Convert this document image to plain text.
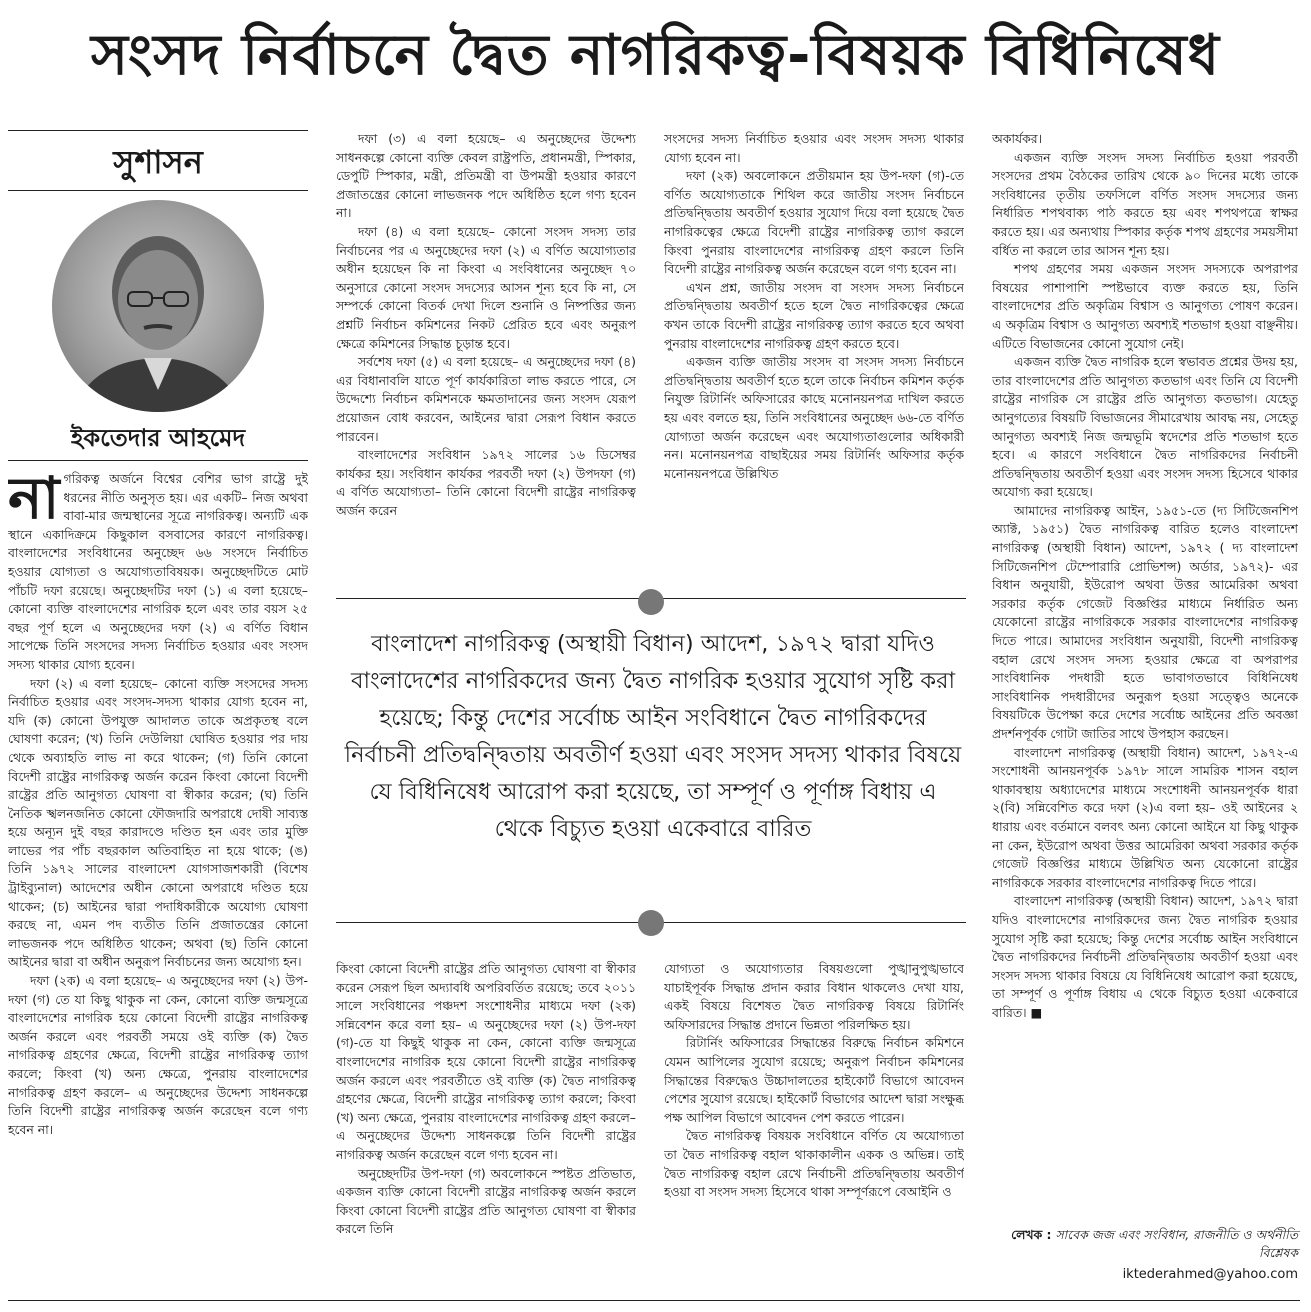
সংসদ নির্বাচনে দ্বৈত নাগরিকত্ব-বিষয়ক বিধিনিষেধ
সুশাসন
ইকতেদার আহমেদ

নাগরিকত্ব অর্জনে বিশ্বের বেশির ভাগ রাষ্ট্রে দুই ধরনের নীতি অনুসৃত হয়। এর একটি– নিজ অথবা বাবা-মার জন্মস্থানের সূত্রে নাগরিকত্ব। অন্যটি এক স্থানে একাদিক্রমে কিছুকাল বসবাসের কারণে নাগরিকত্ব। বাংলাদেশের সংবিধানের অনুচ্ছেদ ৬৬ সংসদে নির্বাচিত হওয়ার যোগ্যতা ও অযোগ্যতাবিষয়ক। অনুচ্ছেদটিতে মোট পাঁচটি দফা রয়েছে। অনুচ্ছেদটির দফা (১) এ বলা হয়েছে– কোনো ব্যক্তি বাংলাদেশের নাগরিক হলে এবং তার বয়স ২৫ বছর পূর্ণ হলে এ অনুচ্ছেদের দফা (২) এ বর্ণিত বিধান সাপেক্ষে তিনি সংসদের সদস্য নির্বাচিত হওয়ার এবং সংসদ সদস্য থাকার যোগ্য হবেন।

দফা (২) এ বলা হয়েছে– কোনো ব্যক্তি সংসদের সদস্য নির্বাচিত হওয়ার এবং সংসদ-সদস্য থাকার যোগ্য হবেন না, যদি (ক) কোনো উপযুক্ত আদালত তাকে অপ্রকৃতস্থ বলে ঘোষণা করেন; (খ) তিনি দেউলিয়া ঘোষিত হওয়ার পর দায় থেকে অব্যাহতি লাভ না করে থাকেন; (গ) তিনি কোনো বিদেশী রাষ্ট্রের নাগরিকত্ব অর্জন করেন কিংবা কোনো বিদেশী রাষ্ট্রের প্রতি আনুগত্য ঘোষণা বা স্বীকার করেন; (ঘ) তিনি নৈতিক স্খলনজনিত কোনো ফৌজদারি অপরাধে দোষী সাব্যস্ত হয়ে অন্যূন দুই বছর কারাদণ্ডে দণ্ডিত হন এবং তার মুক্তি লাভের পর পাঁচ বছরকাল অতিবাহিত না হয়ে থাকে; (ঙ) তিনি ১৯৭২ সালের বাংলাদেশ যোগসাজশকারী (বিশেষ ট্রাইব্যুনাল) আদেশের অধীন কোনো অপরাধে দণ্ডিত হয়ে থাকেন; (চ) আইনের দ্বারা পদাধিকারীকে অযোগ্য ঘোষণা করছে না, এমন পদ ব্যতীত তিনি প্রজাতন্ত্রের কোনো লাভজনক পদে অধিষ্ঠিত থাকেন; অথবা (ছ) তিনি কোনো আইনের দ্বারা বা অধীন অনুরূপ নির্বাচনের জন্য অযোগ্য হন।

দফা (২ক) এ বলা হয়েছে– এ অনুচ্ছেদের দফা (২) উপ-দফা (গ) তে যা কিছু থাকুক না কেন, কোনো ব্যক্তি জন্মসূত্রে বাংলাদেশের নাগরিক হয়ে কোনো বিদেশী রাষ্ট্রের নাগরিকত্ব অর্জন করলে এবং পরবর্তী সময়ে ওই ব্যক্তি (ক) দ্বৈত নাগরিকত্ব গ্রহণের ক্ষেত্রে, বিদেশী রাষ্ট্রের নাগরিকত্ব ত্যাগ করলে; কিংবা (খ) অন্য ক্ষেত্রে, পুনরায় বাংলাদেশের নাগরিকত্ব গ্রহণ করলে– এ অনুচ্ছেদের উদ্দেশ্য সাধনকল্পে তিনি বিদেশী রাষ্ট্রের নাগরিকত্ব অর্জন করেছেন বলে গণ্য হবেন না।

দফা (৩) এ বলা হয়েছে– এ অনুচ্ছেদের উদ্দেশ্য সাধনকল্পে কোনো ব্যক্তি কেবল রাষ্ট্রপতি, প্রধানমন্ত্রী, স্পিকার, ডেপুটি স্পিকার, মন্ত্রী, প্রতিমন্ত্রী বা উপমন্ত্রী হওয়ার কারণে প্রজাতন্ত্রের কোনো লাভজনক পদে অধিষ্ঠিত হলে গণ্য হবেন না।

দফা (৪) এ বলা হয়েছে– কোনো সংসদ সদস্য তার নির্বাচনের পর এ অনুচ্ছেদের দফা (২) এ বর্ণিত অযোগ্যতার অধীন হয়েছেন কি না কিংবা এ সংবিধানের অনুচ্ছেদ ৭০ অনুসারে কোনো সংসদ সদস্যের আসন শূন্য হবে কি না, সে সম্পর্কে কোনো বিতর্ক দেখা দিলে শুনানি ও নিষ্পত্তির জন্য প্রশ্নটি নির্বাচন কমিশনের নিকট প্রেরিত হবে এবং অনুরূপ ক্ষেত্রে কমিশনের সিদ্ধান্ত চূড়ান্ত হবে।

সর্বশেষ দফা (৫) এ বলা হয়েছে– এ অনুচ্ছেদের দফা (৪) এর বিধানাবলি যাতে পূর্ণ কার্যকারিতা লাভ করতে পারে, সে উদ্দেশ্যে নির্বাচন কমিশনকে ক্ষমতাদানের জন্য সংসদ যেরূপ প্রয়োজন বোধ করবেন, আইনের দ্বারা সেরূপ বিধান করতে পারবেন।

বাংলাদেশের সংবিধান ১৯৭২ সালের ১৬ ডিসেম্বর কার্যকর হয়। সংবিধান কার্যকর পরবর্তী দফা (২) উপদফা (গ) এ বর্ণিত অযোগ্যতা– তিনি কোনো বিদেশী রাষ্ট্রের নাগরিকত্ব অর্জন করেন

সংসদের সদস্য নির্বাচিত হওয়ার এবং সংসদ সদস্য থাকার যোগ্য হবেন না।

দফা (২ক) অবলোকনে প্রতীয়মান হয় উপ-দফা (গ)-তে বর্ণিত অযোগ্যতাকে শিথিল করে জাতীয় সংসদ নির্বাচনে প্রতিদ্বন্দ্বিতায় অবতীর্ণ হওয়ার সুযোগ দিয়ে বলা হয়েছে দ্বৈত নাগরিকত্বের ক্ষেত্রে বিদেশী রাষ্ট্রের নাগরিকত্ব ত্যাগ করলে কিংবা পুনরায় বাংলাদেশের নাগরিকত্ব গ্রহণ করলে তিনি বিদেশী রাষ্ট্রের নাগরিকত্ব অর্জন করেছেন বলে গণ্য হবেন না।

এখন প্রশ্ন, জাতীয় সংসদ বা সংসদ সদস্য নির্বাচনে প্রতিদ্বন্দ্বিতায় অবতীর্ণ হতে হলে দ্বৈত নাগরিকত্বের ক্ষেত্রে কখন তাকে বিদেশী রাষ্ট্রের নাগরিকত্ব ত্যাগ করতে হবে অথবা পুনরায় বাংলাদেশের নাগরিকত্ব গ্রহণ করতে হবে।

একজন ব্যক্তি জাতীয় সংসদ বা সংসদ সদস্য নির্বাচনে প্রতিদ্বন্দ্বিতায় অবতীর্ণ হতে হলে তাকে নির্বাচন কমিশন কর্তৃক নিযুক্ত রিটার্নিং অফিসারের কাছে মনোনয়নপত্র দাখিল করতে হয় এবং বলতে হয়, তিনি সংবিধানের অনুচ্ছেদ ৬৬-তে বর্ণিত যোগ্যতা অর্জন করেছেন এবং অযোগ্যতাগুলোর অধিকারী নন। মনোনয়নপত্র বাছাইয়ের সময় রিটার্নিং অফিসার কর্তৃক মনোনয়নপত্রে উল্লিখিত

বাংলাদেশ নাগরিকত্ব (অস্থায়ী বিধান) আদেশ, ১৯৭২ দ্বারা যদিও বাংলাদেশের নাগরিকদের জন্য দ্বৈত নাগরিক হওয়ার সুযোগ সৃষ্টি করা হয়েছে; কিন্তু দেশের সর্বোচ্চ আইন সংবিধানে দ্বৈত নাগরিকদের নির্বাচনী প্রতিদ্বন্দ্বিতায় অবতীর্ণ হওয়া এবং সংসদ সদস্য থাকার বিষয়ে যে বিধিনিষেধ আরোপ করা হয়েছে, তা সম্পূর্ণ ও পূর্ণাঙ্গ বিধায় এ থেকে বিচ্যুত হওয়া একেবারে বারিত

কিংবা কোনো বিদেশী রাষ্ট্রের প্রতি আনুগত্য ঘোষণা বা স্বীকার করেন সেরূপ ছিল অদ্যাবধি অপরিবর্তিত রয়েছে; তবে ২০১১ সালে সংবিধানের পঞ্চদশ সংশোধনীর মাধ্যমে দফা (২ক) সন্নিবেশন করে বলা হয়– এ অনুচ্ছেদের দফা (২) উপ-দফা (গ)-তে যা কিছুই থাকুক না কেন, কোনো ব্যক্তি জন্মসূত্রে বাংলাদেশের নাগরিক হয়ে কোনো বিদেশী রাষ্ট্রের নাগরিকত্ব অর্জন করলে এবং পরবর্তীতে ওই ব্যক্তি (ক) দ্বৈত নাগরিকত্ব গ্রহণের ক্ষেত্রে, বিদেশী রাষ্ট্রের নাগরিকত্ব ত্যাগ করলে; কিংবা (খ) অন্য ক্ষেত্রে, পুনরায় বাংলাদেশের নাগরিকত্ব গ্রহণ করলে– এ অনুচ্ছেদের উদ্দেশ্য সাধনকল্পে তিনি বিদেশী রাষ্ট্রের নাগরিকত্ব অর্জন করেছেন বলে গণ্য হবেন না।

অনুচ্ছেদটির উপ-দফা (গ) অবলোকনে স্পষ্টত প্রতিভাত, একজন ব্যক্তি কোনো বিদেশী রাষ্ট্রের নাগরিকত্ব অর্জন করলে কিংবা কোনো বিদেশী রাষ্ট্রের প্রতি আনুগত্য ঘোষণা বা স্বীকার করলে তিনি

যোগ্যতা ও অযোগ্যতার বিষয়গুলো পুঙ্খানুপুঙ্খভাবে যাচাইপূর্বক সিদ্ধান্ত প্রদান করার বিধান থাকলেও দেখা যায়, একই বিষয়ে বিশেষত দ্বৈত নাগরিকত্ব বিষয়ে রিটার্নিং অফিসারদের সিদ্ধান্ত প্রদানে ভিন্নতা পরিলক্ষিত হয়।

রিটার্নিং অফিসারের সিদ্ধান্তের বিরুদ্ধে নির্বাচন কমিশনে যেমন আপিলের সুযোগ রয়েছে; অনুরূপ নির্বাচন কমিশনের সিদ্ধান্তের বিরুদ্ধেও উচ্চাদালতের হাইকোর্ট বিভাগে আবেদন পেশের সুযোগ রয়েছে। হাইকোর্ট বিভাগের আদেশ দ্বারা সংক্ষুব্ধ পক্ষ আপিল বিভাগে আবেদন পেশ করতে পারেন।

দ্বৈত নাগরিকত্ব বিষয়ক সংবিধানে বর্ণিত যে অযোগ্যতা তা দ্বৈত নাগরিকত্ব বহাল থাকাকালীন একক ও অভিন্ন। তাই দ্বৈত নাগরিকত্ব বহাল রেখে নির্বাচনী প্রতিদ্বন্দ্বিতায় অবতীর্ণ হওয়া বা সংসদ সদস্য হিসেবে থাকা সম্পূর্ণরূপে বেআইনি ও

অকার্যকর।

একজন ব্যক্তি সংসদ সদস্য নির্বাচিত হওয়া পরবর্তী সংসদের প্রথম বৈঠকের তারিখ থেকে ৯০ দিনের মধ্যে তাকে সংবিধানের তৃতীয় তফসিলে বর্ণিত সংসদ সদস্যের জন্য নির্ধারিত শপথবাক্য পাঠ করতে হয় এবং শপথপত্রে স্বাক্ষর করতে হয়। এর অন্যথায় স্পিকার কর্তৃক শপথ গ্রহণের সময়সীমা বর্ধিত না করলে তার আসন শূন্য হয়।

শপথ গ্রহণের সময় একজন সংসদ সদস্যকে অপরাপর বিষয়ের পাশাপাশি স্পষ্টভাবে ব্যক্ত করতে হয়, তিনি বাংলাদেশের প্রতি অকৃত্রিম বিশ্বাস ও আনুগত্য পোষণ করেন। এ অকৃত্রিম বিশ্বাস ও আনুগত্য অবশ্যই শতভাগ হওয়া বাঞ্ছনীয়। এটিতে বিভাজনের কোনো সুযোগ নেই।

একজন ব্যক্তি দ্বৈত নাগরিক হলে স্বভাবত প্রশ্নের উদয় হয়, তার বাংলাদেশের প্রতি আনুগত্য কতভাগ এবং তিনি যে বিদেশী রাষ্ট্রের নাগরিক সে রাষ্ট্রের প্রতি আনুগত্য কতভাগ। যেহেতু আনুগত্যের বিষয়টি বিভাজনের সীমারেখায় আবদ্ধ নয়, সেহেতু আনুগত্য অবশ্যই নিজ জন্মভূমি স্বদেশের প্রতি শতভাগ হতে হবে। এ কারণে সংবিধানে দ্বৈত নাগরিকদের নির্বাচনী প্রতিদ্বন্দ্বিতায় অবতীর্ণ হওয়া এবং সংসদ সদস্য হিসেবে থাকার অযোগ্য করা হয়েছে।

আমাদের নাগরিকত্ব আইন, ১৯৫১-তে (দ্য সিটিজেনশিপ অ্যাক্ট, ১৯৫১) দ্বৈত নাগরিকত্ব বারিত হলেও বাংলাদেশ নাগরিকত্ব (অস্থায়ী বিধান) আদেশ, ১৯৭২ ( দ্য বাংলাদেশ সিটিজেনশিপ টেম্পোরারি প্রোভিশন্স) অর্ডার, ১৯৭২)- এর বিধান অনুযায়ী, ইউরোপ অথবা উত্তর আমেরিকা অথবা সরকার কর্তৃক গেজেট বিজ্ঞপ্তির মাধ্যমে নির্ধারিত অন্য যেকোনো রাষ্ট্রের নাগরিককে সরকার বাংলাদেশের নাগরিকত্ব দিতে পারে। আমাদের সংবিধান অনুযায়ী, বিদেশী নাগরিকত্ব বহাল রেখে সংসদ সদস্য হওয়ার ক্ষেত্রে বা অপরাপর সাংবিধানিক পদধারী হতে ভাবাগতভাবে বিধিনিষেধ সাংবিধানিক পদধারীদের অনুরূপ হওয়া সত্ত্বেও অনেকে বিষয়টিকে উপেক্ষা করে দেশের সর্বোচ্চ আইনের প্রতি অবজ্ঞা প্রদর্শনপূর্বক গোটা জাতির সাথে উপহাস করছেন।

বাংলাদেশ নাগরিকত্ব (অস্থায়ী বিধান) আদেশ, ১৯৭২-এ সংশোধনী আনয়নপূর্বক ১৯৭৮ সালে সামরিক শাসন বহাল থাকাবস্থায় অধ্যাদেশের মাধ্যমে সংশোধনী আনয়নপূর্বক ধারা ২(বি) সন্নিবেশিত করে দফা (২)এ বলা হয়– ওই আইনের ২ ধারায় এবং বর্তমানে বলবৎ অন্য কোনো আইনে যা কিছু থাকুক না কেন, ইউরোপ অথবা উত্তর আমেরিকা অথবা সরকার কর্তৃক গেজেট বিজ্ঞপ্তির মাধ্যমে উল্লিখিত অন্য যেকোনো রাষ্ট্রের নাগরিককে সরকার বাংলাদেশের নাগরিকত্ব দিতে পারে।

বাংলাদেশ নাগরিকত্ব (অস্থায়ী বিধান) আদেশ, ১৯৭২ দ্বারা যদিও বাংলাদেশের নাগরিকদের জন্য দ্বৈত নাগরিক হওয়ার সুযোগ সৃষ্টি করা হয়েছে; কিন্তু দেশের সর্বোচ্চ আইন সংবিধানে দ্বৈত নাগরিকদের নির্বাচনী প্রতিদ্বন্দ্বিতায় অবতীর্ণ হওয়া এবং সংসদ সদস্য থাকার বিষয়ে যে বিধিনিষেধ আরোপ করা হয়েছে, তা সম্পূর্ণ ও পূর্ণাঙ্গ বিধায় এ থেকে বিচ্যুত হওয়া একেবারে বারিত। ■

লেখক : সাবেক জজ এবং সংবিধান, রাজনীতি ও অর্থনীতি বিশ্লেষক
iktederahmed@yahoo.com
